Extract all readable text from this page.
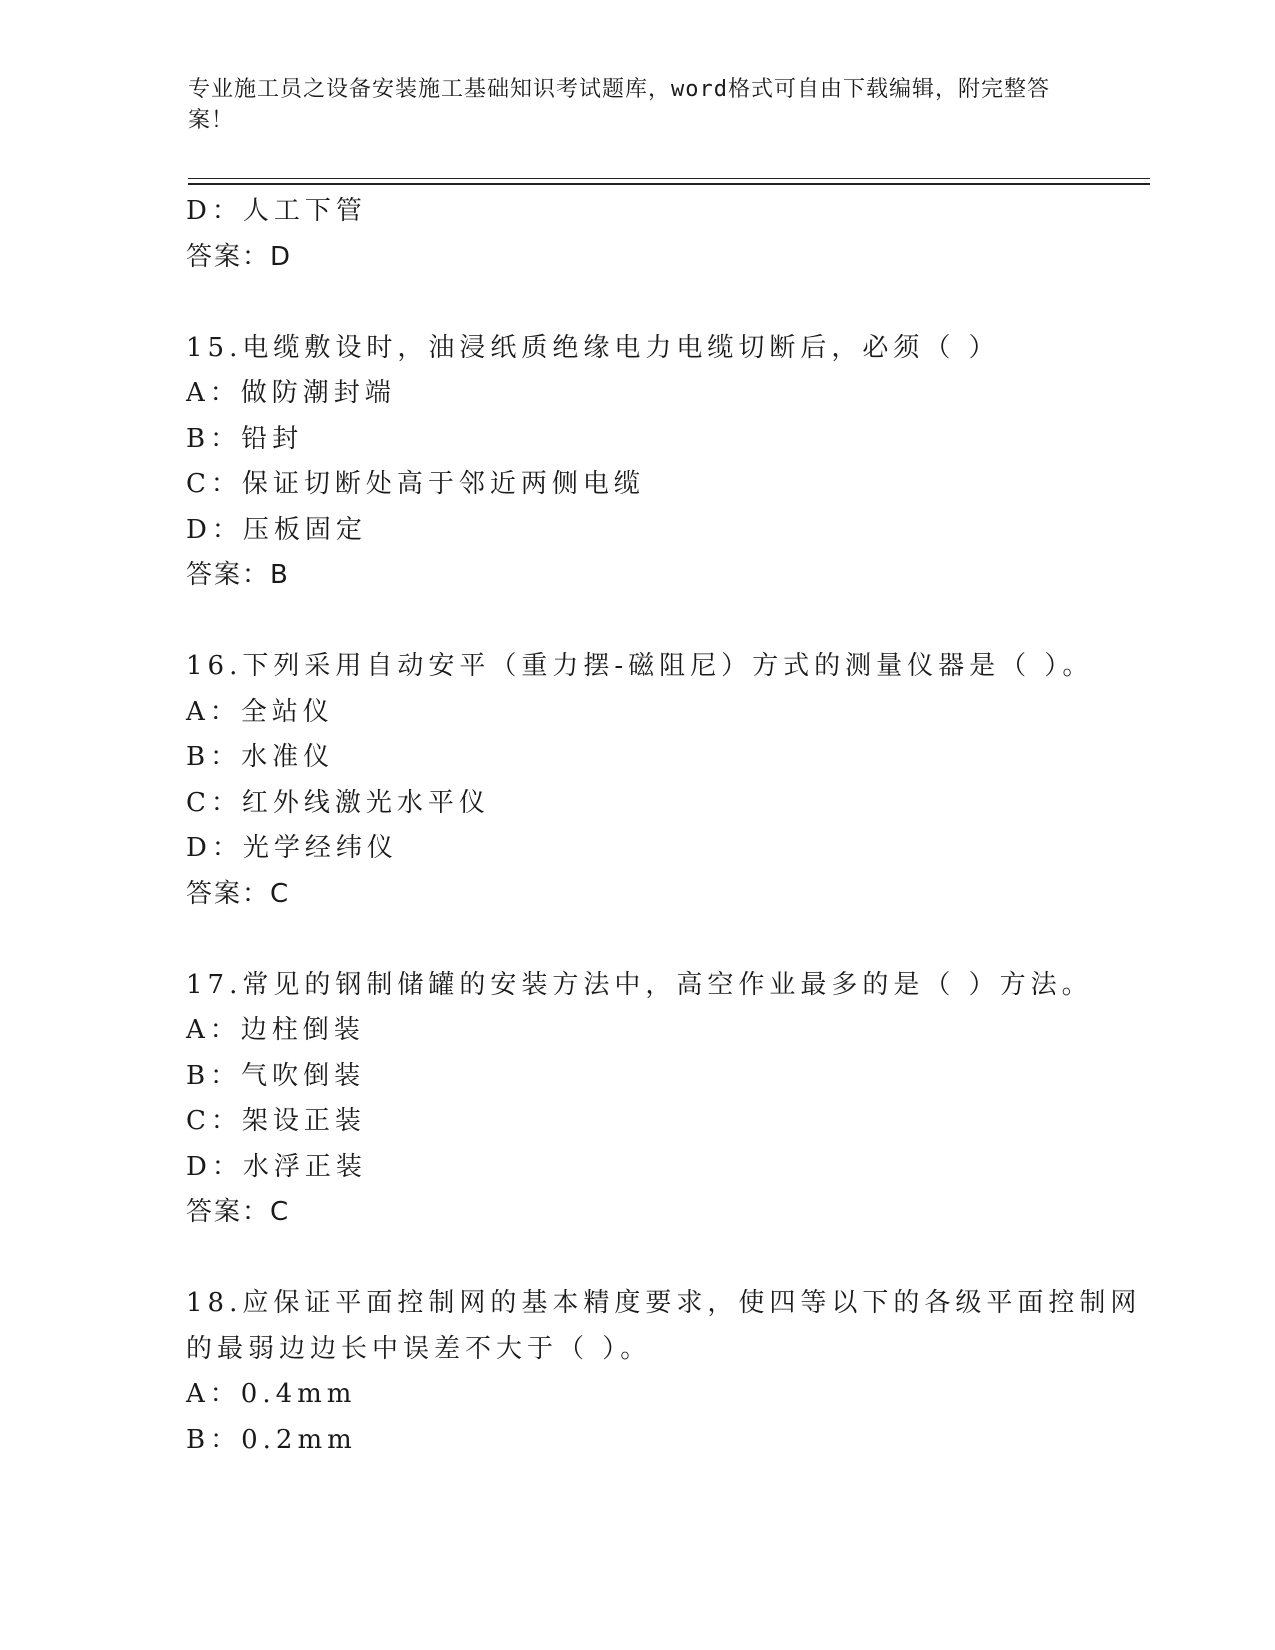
专业施工员之设备安装施工基础知识考试题库，word格式可自由下载编辑，附完整答案！
D：人工下管
答案：D
15.电缆敷设时，油浸纸质绝缘电力电缆切断后，必须（ ）
A：做防潮封端
B：铅封
C：保证切断处高于邻近两侧电缆
D：压板固定
答案：B
16.下列采用自动安平（重力摆-磁阻尼）方式的测量仪器是（ ）。
A：全站仪
B：水准仪
C：红外线激光水平仪
D：光学经纬仪
答案：C
17.常见的钢制储罐的安装方法中，高空作业最多的是（ ）方法。
A：边柱倒装
B：气吹倒装
C：架设正装
D：水浮正装
答案：C
18.应保证平面控制网的基本精度要求，使四等以下的各级平面控制网
的最弱边边长中误差不大于（ ）。
A：0.4mm
B：0.2mm
